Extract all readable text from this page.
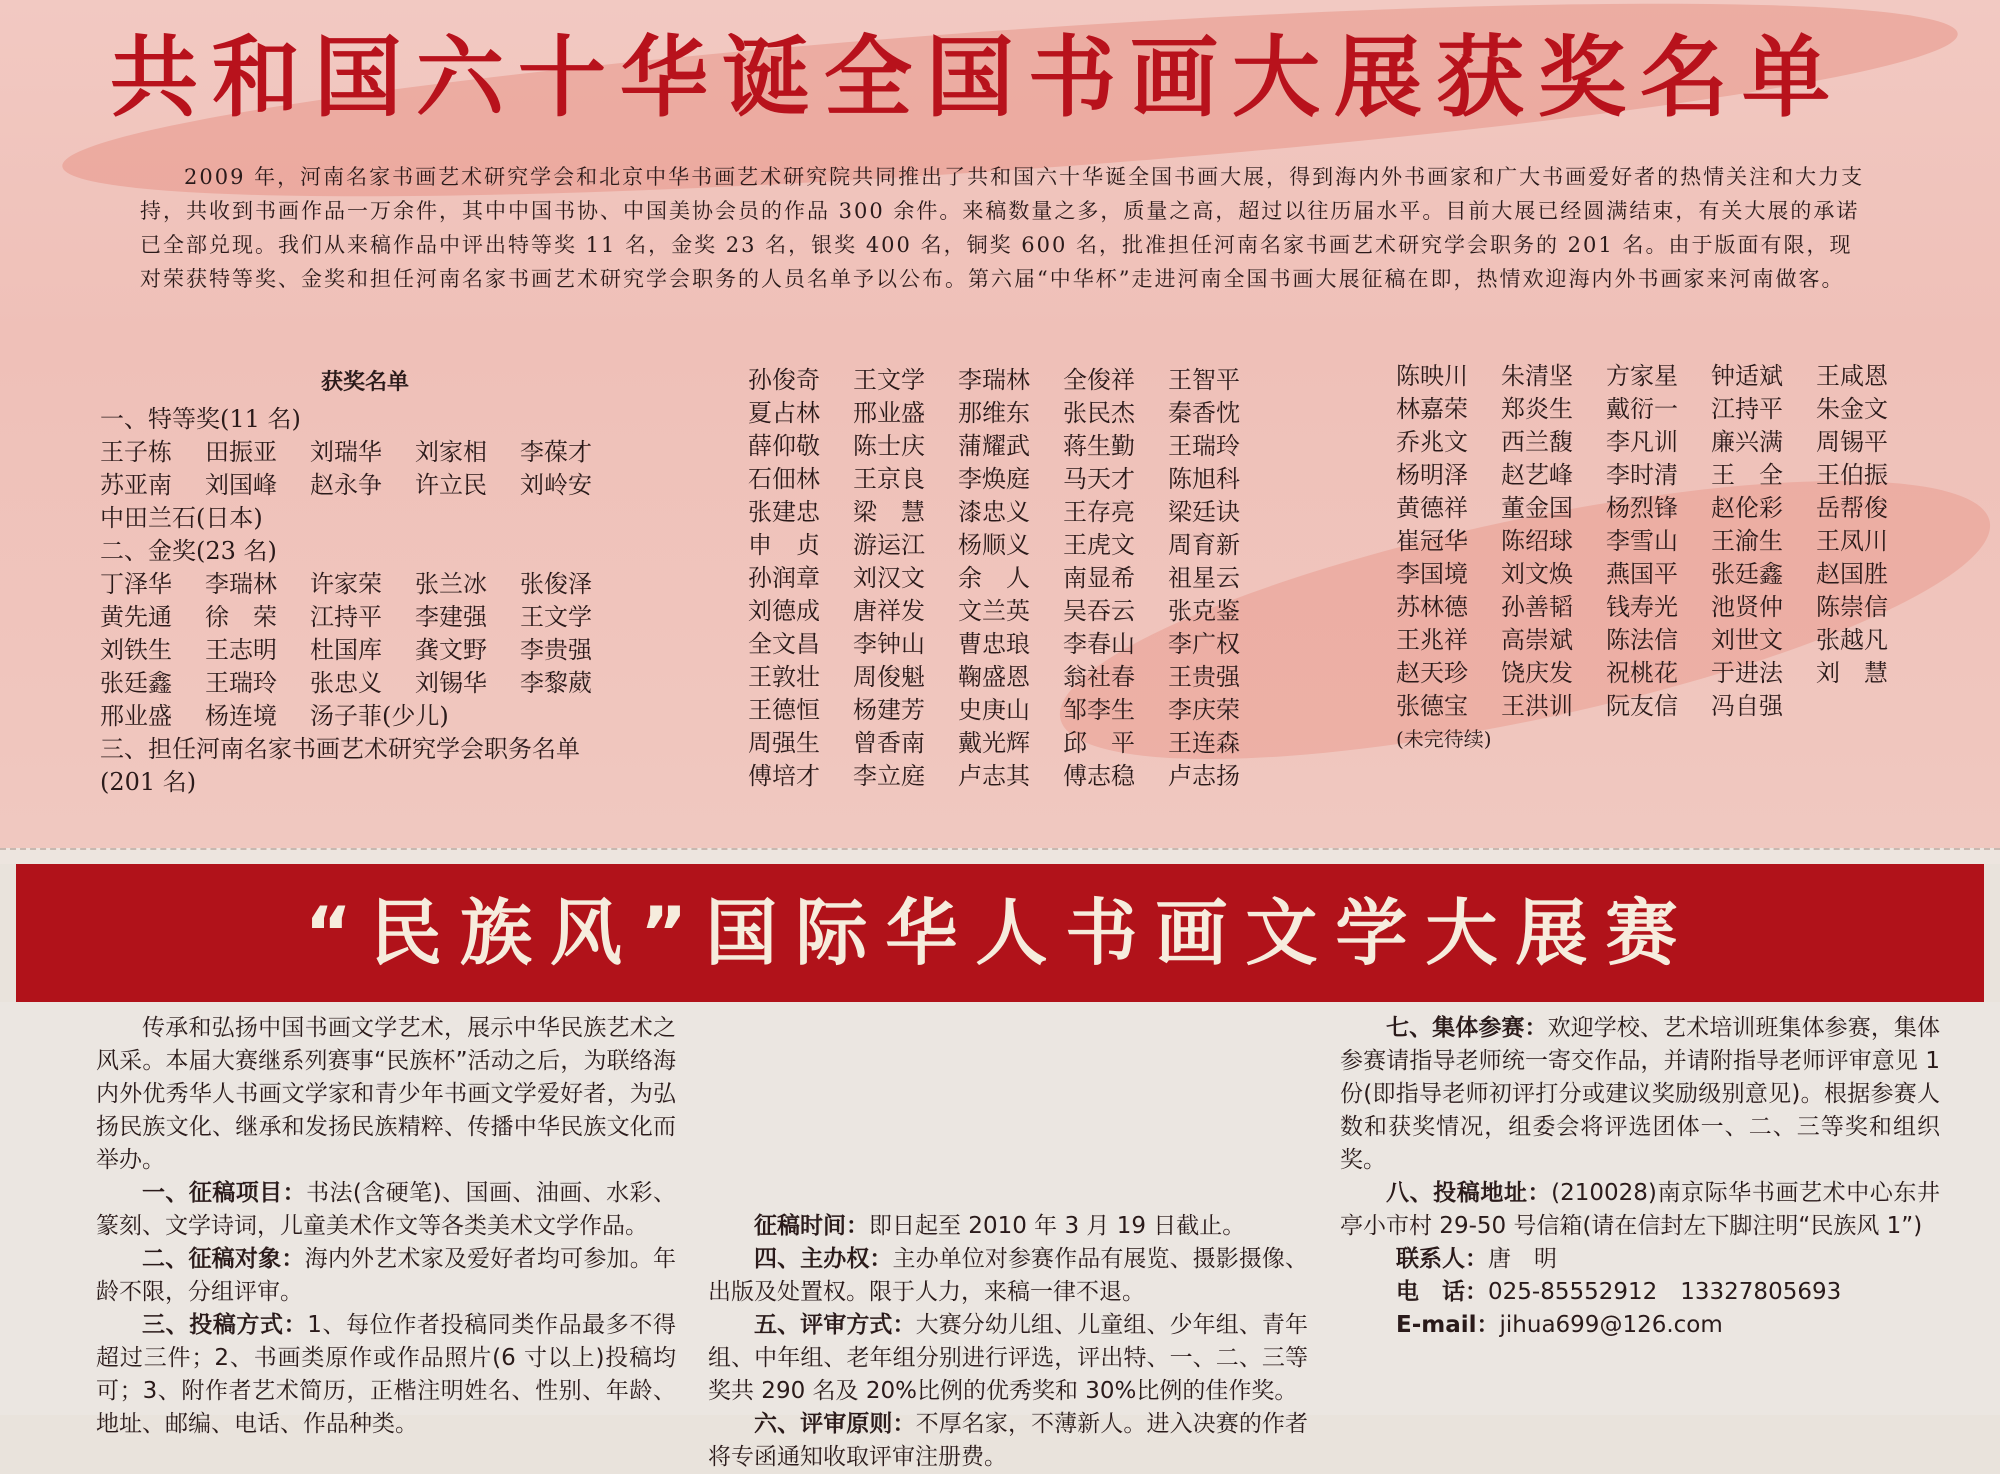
共和国六十华诞全国书画大展获奖名单

2009 年，河南名家书画艺术研究学会和北京中华书画艺术研究院共同推出了共和国六十华诞全国书画大展，得到海内外书画家和广大书画爱好者的热情关注和大力支持，共收到书画作品一万余件，其中中国书协、中国美协会员的作品 300 余件。来稿数量之多，质量之高，超过以往历届水平。目前大展已经圆满结束，有关大展的承诺已全部兑现。我们从来稿作品中评出特等奖 11 名，金奖 23 名，银奖 400 名，铜奖 600 名，批准担任河南名家书画艺术研究学会职务的 201 名。由于版面有限，现对荣获特等奖、金奖和担任河南名家书画艺术研究学会职务的人员名单予以公布。第六届“中华杯”走进河南全国书画大展征稿在即，热情欢迎海内外书画家来河南做客。

获奖名单
一、特等奖(11 名)
王子栋	田振亚	刘瑞华	刘家相	李葆才
苏亚南	刘国峰	赵永争	许立民	刘岭安
中田兰石(日本)
二、金奖(23 名)
丁泽华	李瑞林	许家荣	张兰冰	张俊泽
黄先通	徐　荣	江持平	李建强	王文学
刘铁生	王志明	杜国库	龚文野	李贵强
张廷鑫	王瑞玲	张忠义	刘锡华	李黎葳
邢业盛	杨连境	汤子菲(少儿)
三、担任河南名家书画艺术研究学会职务名单
(201 名)
孙俊奇	王文学	李瑞林	全俊祥	王智平
夏占林	邢业盛	那维东	张民杰	秦香忱
薛仰敬	陈士庆	蒲耀武	蒋生勤	王瑞玲
石佃林	王京良	李焕庭	马天才	陈旭科
张建忠	梁　慧	漆忠义	王存亮	梁廷诀
申　贞	游运江	杨顺义	王虎文	周育新
孙润章	刘汉文	余　人	南显希	祖星云
刘德成	唐祥发	文兰英	吴吞云	张克鉴
全文昌	李钟山	曹忠琅	李春山	李广权
王敦壮	周俊魁	鞠盛恩	翁社春	王贵强
王德恒	杨建芳	史庚山	邹李生	李庆荣
周强生	曾香南	戴光辉	邱　平	王连森
傅培才	李立庭	卢志其	傅志稳	卢志扬
陈映川	朱清坚	方家星	钟适斌	王咸恩
林嘉荣	郑炎生	戴衍一	江持平	朱金文
乔兆文	西兰馥	李凡训	廉兴满	周锡平
杨明泽	赵艺峰	李时清	王　全	王伯振
黄德祥	董金国	杨烈锋	赵伦彩	岳帮俊
崔冠华	陈绍球	李雪山	王渝生	王凤川
李国境	刘文焕	燕国平	张廷鑫	赵国胜
苏林德	孙善韬	钱寿光	池贤仲	陈崇信
王兆祥	高崇斌	陈法信	刘世文	张越凡
赵天珍	饶庆发	祝桃花	于进法	刘　慧
张德宝	王洪训	阮友信	冯自强
(未完待续)
“民族风”国际华人书画文学大展赛

传承和弘扬中国书画文学艺术，展示中华民族艺术之风采。本届大赛继系列赛事“民族杯”活动之后，为联络海内外优秀华人书画文学家和青少年书画文学爱好者，为弘扬民族文化、继承和发扬民族精粹、传播中华民族文化而举办。

一、征稿项目：书法(含硬笔)、国画、油画、水彩、篆刻、文学诗词，儿童美术作文等各类美术文学作品。

二、征稿对象：海内外艺术家及爱好者均可参加。年龄不限，分组评审。

三、投稿方式：1、每位作者投稿同类作品最多不得超过三件；2、书画类原作或作品照片(6 寸以上)投稿均可；3、附作者艺术简历，正楷注明姓名、性别、年龄、地址、邮编、电话、作品种类。

征稿时间：即日起至 2010 年 3 月 19 日截止。

四、主办权：主办单位对参赛作品有展览、摄影摄像、出版及处置权。限于人力，来稿一律不退。

五、评审方式：大赛分幼儿组、儿童组、少年组、青年组、中年组、老年组分别进行评选，评出特、一、二、三等奖共 290 名及 20%比例的优秀奖和 30%比例的佳作奖。

六、评审原则：不厚名家，不薄新人。进入决赛的作者将专函通知收取评审注册费。

七、集体参赛：欢迎学校、艺术培训班集体参赛，集体参赛请指导老师统一寄交作品，并请附指导老师评审意见 1 份(即指导老师初评打分或建议奖励级别意见)。根据参赛人数和获奖情况，组委会将评选团体一、二、三等奖和组织奖。

八、投稿地址：(210028)南京际华书画艺术中心东井亭小市村 29-50 号信箱(请在信封左下脚注明“民族风 1”)

联系人：唐　明
电　话：025-85552912　13327805693
E-mail：jihua699@126.com
